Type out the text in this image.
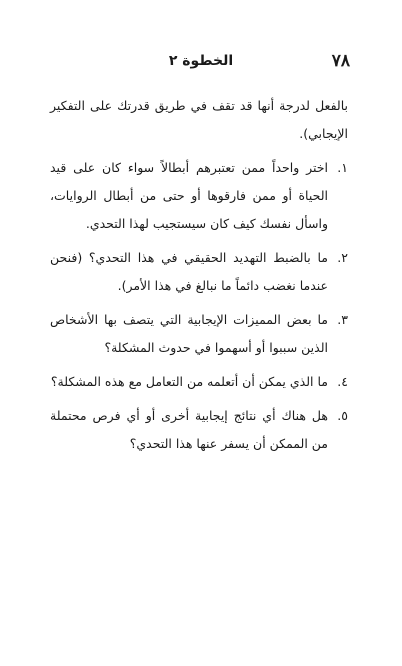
٧٨
الخطوة ٢

بالفعل لدرجة أنها قد تقف في طريق قدرتك على التفكير الإيجابي).

١.
اختر واحداً ممن تعتبرهم أبطالاً سواء كان على قيد الحياة أو ممن فارقوها أو حتى من أبطال الروايات، واسأل نفسك كيف كان سيستجيب لهذا التحدي.
٢.
ما بالضبط التهديد الحقيقي في هذا التحدي؟ (فنحن عندما نغضب دائماً ما نبالغ في هذا الأمر).
٣.
ما بعض المميزات الإيجابية التي يتصف بها الأشخاص الذين سببوا أو أسهموا في حدوث المشكلة؟
٤.
ما الذي يمكن أن أتعلمه من التعامل مع هذه المشكلة؟
٥.
هل هناك أي نتائج إيجابية أخرى أو أي فرص محتملة من الممكن أن يسفر عنها هذا التحدي؟
